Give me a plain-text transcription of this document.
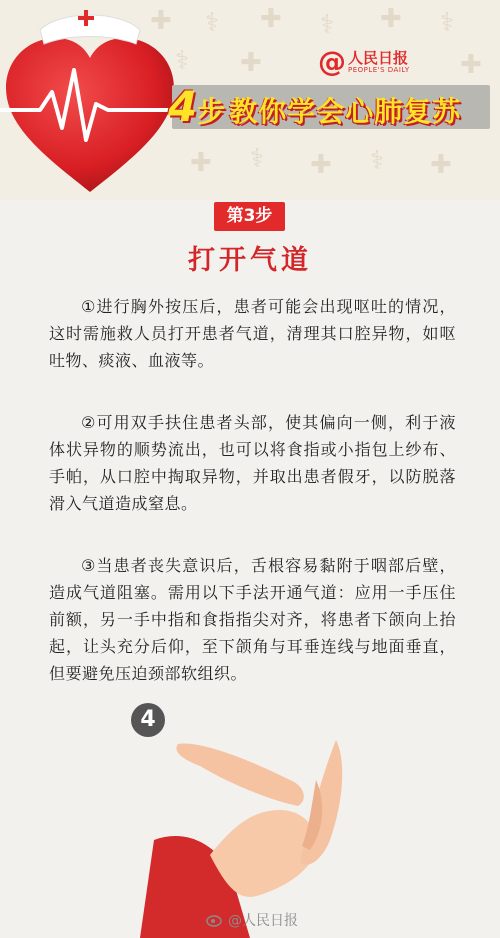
✚ ⚕ ✚ ⚕ ✚ ⚕
⚕ ✚	✚
✚ ⚕ ✚ ⚕ ✚
@ 人民日报
PEOPLE'S DAILY
4 步 教你学会心肺复苏
第3步
打开气道
①进行胸外按压后，患者可能会出现呕吐的情况，这时需施救人员打开患者气道，清理其口腔异物，如呕吐物、痰液、血液等。
②可用双手扶住患者头部，使其偏向一侧，利于液体状异物的顺势流出，也可以将食指或小指包上纱布、手帕，从口腔中掏取异物，并取出患者假牙，以防脱落滑入气道造成窒息。
③当患者丧失意识后，舌根容易黏附于咽部后壁，造成气道阻塞。需用以下手法开通气道：应用一手压住前额，另一手中指和食指指尖对齐，将患者下颌向上抬起，让头充分后仰，至下颌角与耳垂连线与地面垂直，但要避免压迫颈部软组织。
4
@人民日报
